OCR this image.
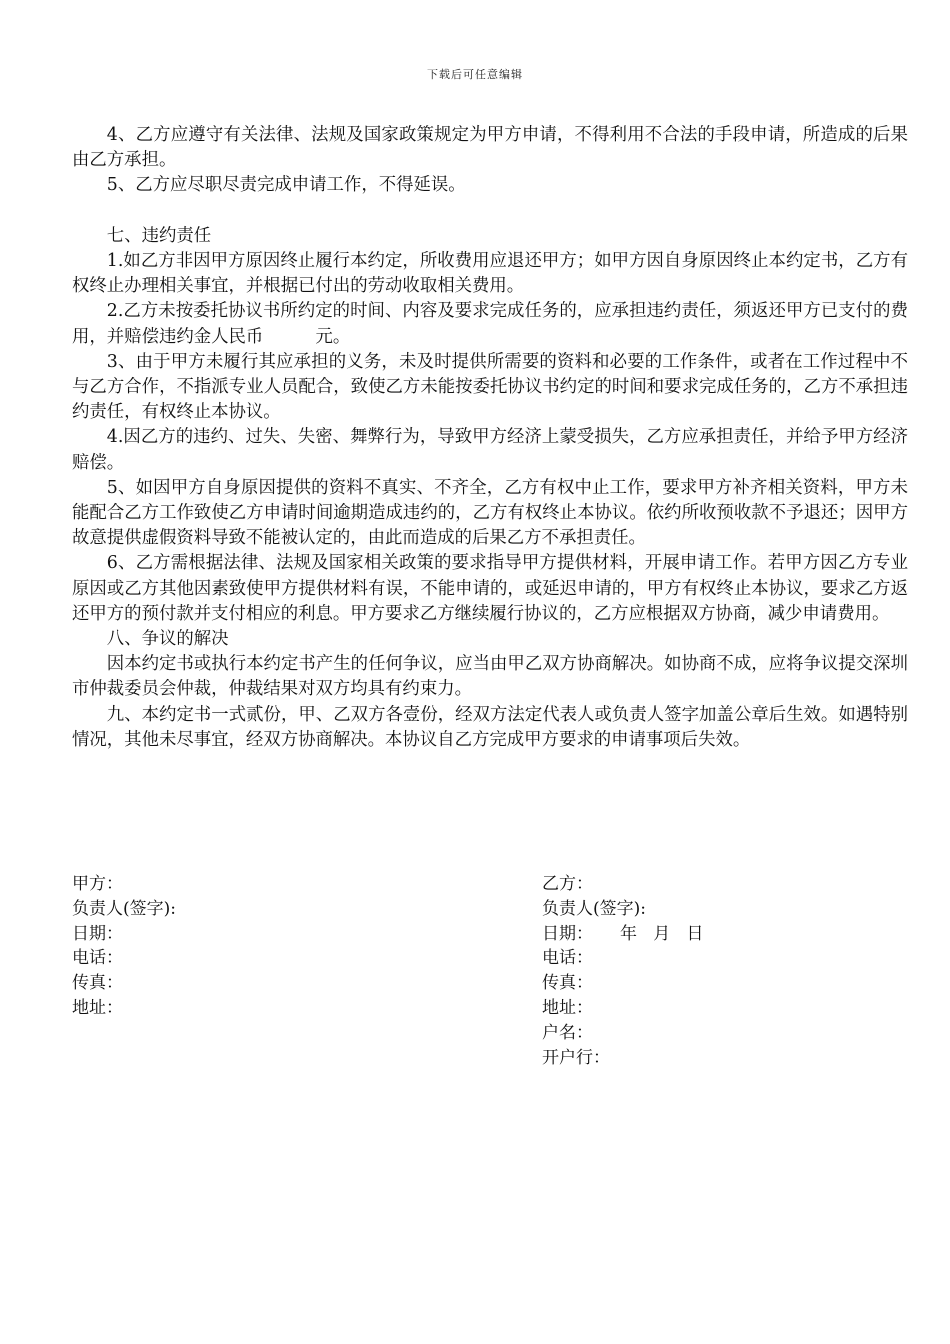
下载后可任意编辑

4、乙方应遵守有关法律、法规及国家政策规定为甲方申请，不得利用不合法的手段申请，所造成的后果由乙方承担。

5、乙方应尽职尽责完成申请工作，不得延误。

七、违约责任

1.如乙方非因甲方原因终止履行本约定，所收费用应退还甲方；如甲方因自身原因终止本约定书，乙方有权终止办理相关事宜，并根据已付出的劳动收取相关费用。

2.乙方未按委托协议书所约定的时间、内容及要求完成任务的，应承担违约责任，须返还甲方已支付的费用，并赔偿违约金人民币　　　元。

3、由于甲方未履行其应承担的义务，未及时提供所需要的资料和必要的工作条件，或者在工作过程中不与乙方合作，不指派专业人员配合，致使乙方未能按委托协议书约定的时间和要求完成任务的，乙方不承担违约责任，有权终止本协议。

4.因乙方的违约、过失、失密、舞弊行为，导致甲方经济上蒙受损失，乙方应承担责任，并给予甲方经济赔偿。

5、如因甲方自身原因提供的资料不真实、不齐全，乙方有权中止工作，要求甲方补齐相关资料，甲方未能配合乙方工作致使乙方申请时间逾期造成违约的，乙方有权终止本协议。依约所收预收款不予退还；因甲方故意提供虚假资料导致不能被认定的，由此而造成的后果乙方不承担责任。

6、乙方需根据法律、法规及国家相关政策的要求指导甲方提供材料，开展申请工作。若甲方因乙方专业原因或乙方其他因素致使甲方提供材料有误，不能申请的，或延迟申请的，甲方有权终止本协议，要求乙方返还甲方的预付款并支付相应的利息。甲方要求乙方继续履行协议的，乙方应根据双方协商，减少申请费用。

八、争议的解决

因本约定书或执行本约定书产生的任何争议，应当由甲乙双方协商解决。如协商不成，应将争议提交深圳市仲裁委员会仲裁，仲裁结果对双方均具有约束力。

九、本约定书一式贰份，甲、乙双方各壹份，经双方法定代表人或负责人签字加盖公章后生效。如遇特别情况，其他未尽事宜，经双方协商解决。本协议自乙方完成甲方要求的申请事项后失效。

甲方：
负责人(签字):
日期：
电话：
传真：
地址：
乙方：
负责人(签字):
日期：     年   月   日
电话：
传真：
地址：
户名：
开户行：
